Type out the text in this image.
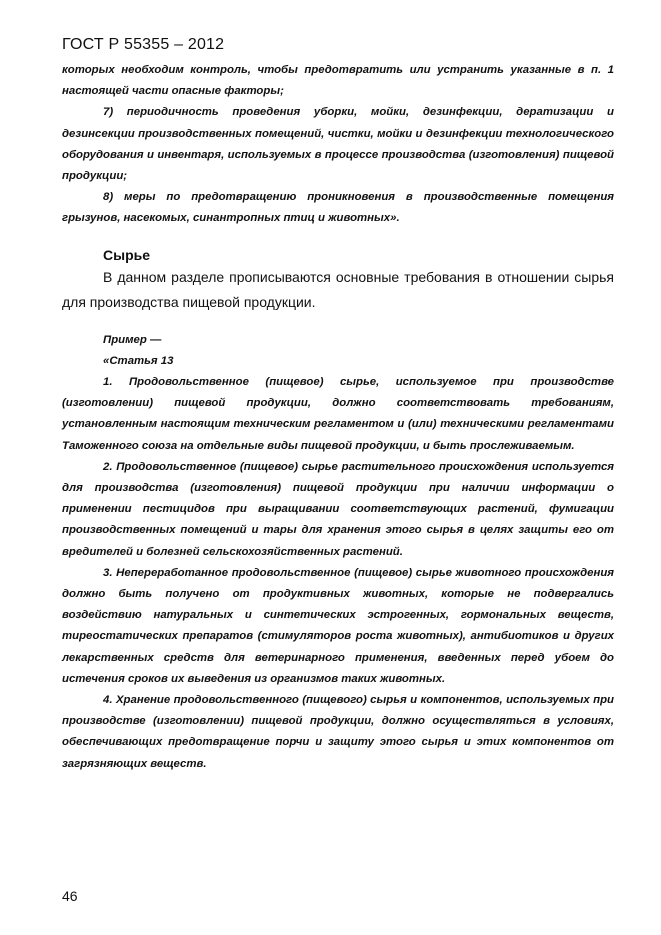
ГОСТ Р 55355 – 2012

которых необходим контроль, чтобы предотвратить или устранить указанные в п. 1 настоящей части опасные факторы;

7) периодичность проведения уборки, мойки, дезинфекции, дератизации и дезинсекции производственных помещений, чистки, мойки и дезинфекции технологического оборудования и инвентаря, используемых в процессе производства (изготовления) пищевой продукции;

8) меры по предотвращению проникновения в производственные помещения грызунов, насекомых, синантропных птиц и животных».

Сырье

В данном разделе прописываются основные требования в отношении сырья для производства пищевой продукции.

Пример —

«Статья 13

1. Продовольственное (пищевое) сырье, используемое при производстве (изготовлении) пищевой продукции, должно соответствовать требованиям, установленным настоящим техническим регламентом и (или) техническими регламентами Таможенного союза на отдельные виды пищевой продукции, и быть прослеживаемым.

2. Продовольственное (пищевое) сырье растительного происхождения используется для производства (изготовления) пищевой продукции при наличии информации о применении пестицидов при выращивании соответствующих растений, фумигации производственных помещений и тары для хранения этого сырья в целях защиты его от вредителей и болезней сельскохозяйственных растений.

3. Непереработанное продовольственное (пищевое) сырье животного происхождения должно быть получено от продуктивных животных, которые не подвергались воздействию натуральных и синтетических эстрогенных, гормональных веществ, тиреостатических препаратов (стимуляторов роста животных), антибиотиков и других лекарственных средств для ветеринарного применения, введенных перед убоем до истечения сроков их выведения из организмов таких животных.

4. Хранение продовольственного (пищевого) сырья и компонентов, используемых при производстве (изготовлении) пищевой продукции, должно осуществляться в условиях, обеспечивающих предотвращение порчи и защиту этого сырья и этих компонентов от загрязняющих веществ.

46
